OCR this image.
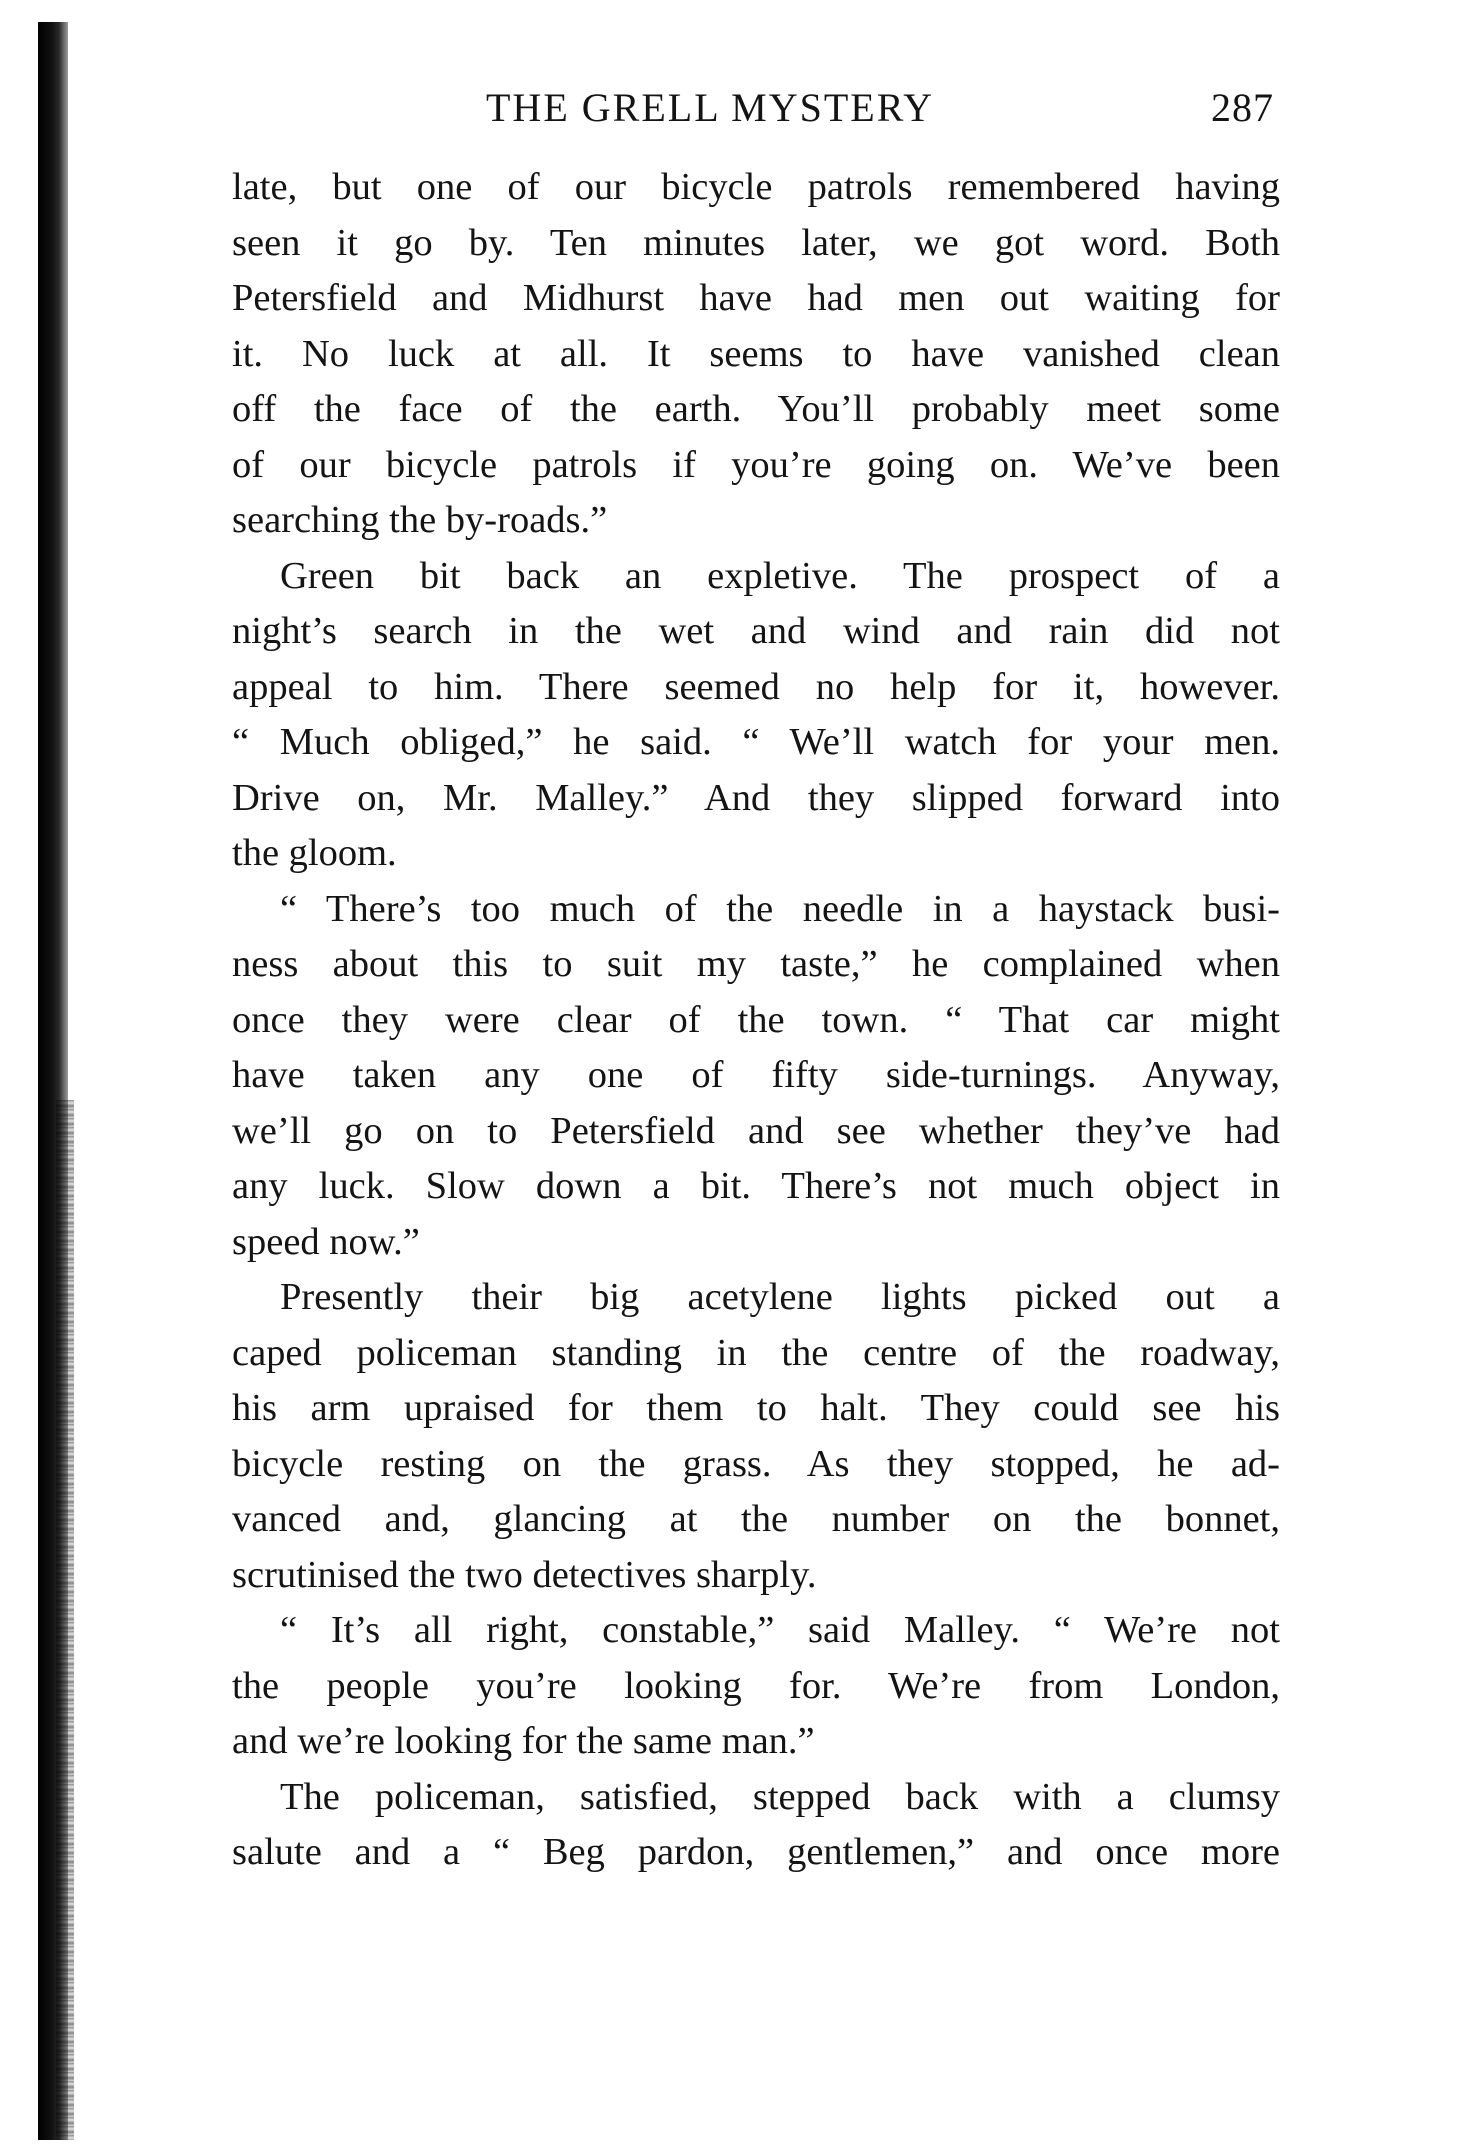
THE GRELL MYSTERY	287
late, but one of our bicycle patrols remembered having
seen it go by. Ten minutes later, we got word. Both
Petersfield and Midhurst have had men out waiting for
it. No luck at all. It seems to have vanished clean
off the face of the earth. You’ll probably meet some
of our bicycle patrols if you’re going on. We’ve been
searching the by-roads.”
Green bit back an expletive. The prospect of a
night’s search in the wet and wind and rain did not
appeal to him. There seemed no help for it, however.
“ Much obliged,” he said. “ We’ll watch for your men.
Drive on, Mr. Malley.” And they slipped forward into
the gloom.
“ There’s too much of the needle in a haystack busi-
ness about this to suit my taste,” he complained when
once they were clear of the town. “ That car might
have taken any one of fifty side-turnings. Anyway,
we’ll go on to Petersfield and see whether they’ve had
any luck. Slow down a bit. There’s not much object in
speed now.”
Presently their big acetylene lights picked out a
caped policeman standing in the centre of the roadway,
his arm upraised for them to halt. They could see his
bicycle resting on the grass. As they stopped, he ad-
vanced and, glancing at the number on the bonnet,
scrutinised the two detectives sharply.
“ It’s all right, constable,” said Malley. “ We’re not
the people you’re looking for. We’re from London,
and we’re looking for the same man.”
The policeman, satisfied, stepped back with a clumsy
salute and a “ Beg pardon, gentlemen,” and once more
